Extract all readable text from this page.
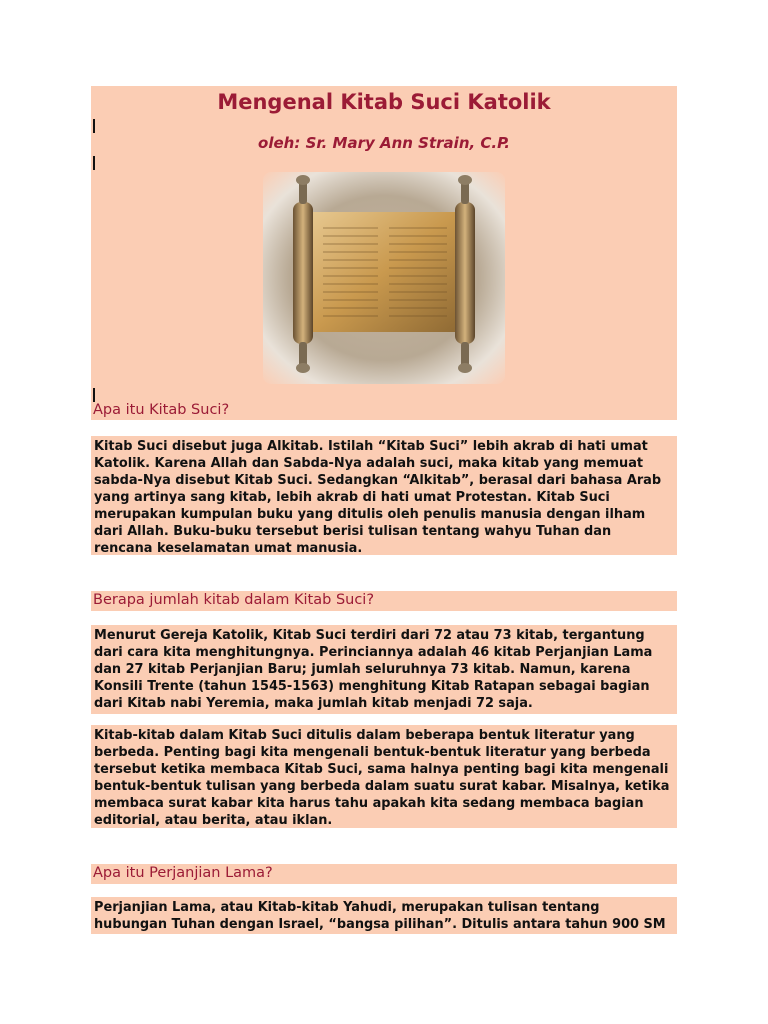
Mengenal Kitab Suci Katolik
oleh: Sr. Mary Ann Strain, C.P.
Apa itu Kitab Suci?
Kitab Suci disebut juga Alkitab. Istilah “Kitab Suci” lebih akrab di hati umat Katolik. Karena Allah dan Sabda-Nya adalah suci, maka kitab yang memuat sabda-Nya disebut Kitab Suci. Sedangkan “Alkitab”, berasal dari bahasa Arab yang artinya sang kitab, lebih akrab di hati umat Protestan. Kitab Suci merupakan kumpulan buku yang ditulis oleh penulis manusia dengan ilham dari Allah. Buku-buku tersebut berisi tulisan tentang wahyu Tuhan dan rencana keselamatan umat manusia.
Berapa jumlah kitab dalam Kitab Suci?
Menurut Gereja Katolik, Kitab Suci terdiri dari 72 atau 73 kitab, tergantung dari cara kita menghitungnya. Perinciannya adalah 46 kitab Perjanjian Lama dan 27 kitab Perjanjian Baru; jumlah seluruhnya 73 kitab. Namun, karena Konsili Trente (tahun 1545-1563) menghitung Kitab Ratapan sebagai bagian dari Kitab nabi Yeremia, maka jumlah kitab menjadi 72 saja.
Kitab-kitab dalam Kitab Suci ditulis dalam beberapa bentuk literatur yang berbeda. Penting bagi kita mengenali bentuk-bentuk literatur yang berbeda tersebut ketika membaca Kitab Suci, sama halnya penting bagi kita mengenali bentuk-bentuk tulisan yang berbeda dalam suatu surat kabar. Misalnya, ketika membaca surat kabar kita harus tahu apakah kita sedang membaca bagian editorial, atau berita, atau iklan.
Apa itu Perjanjian Lama?
Perjanjian Lama, atau Kitab-kitab Yahudi, merupakan tulisan tentang hubungan Tuhan dengan Israel, “bangsa pilihan”. Ditulis antara tahun 900 SM
